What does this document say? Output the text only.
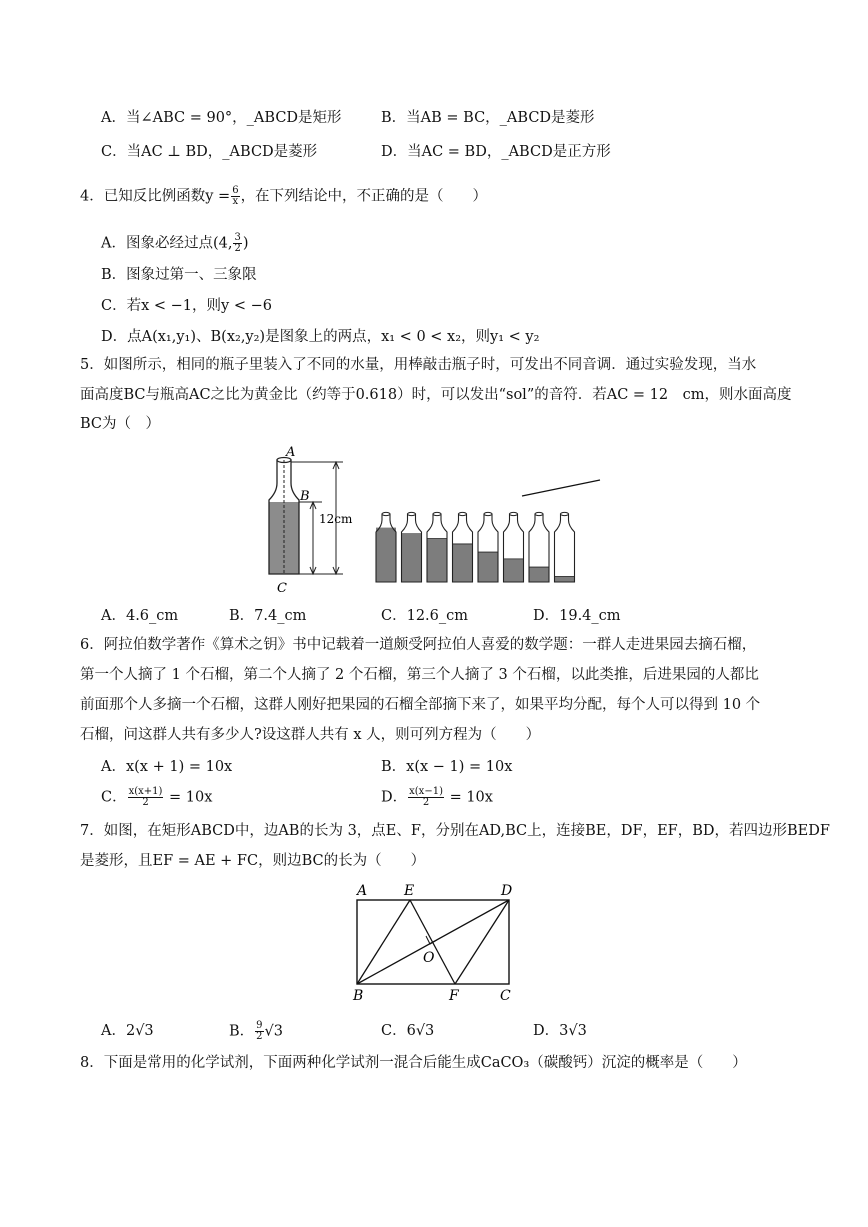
A．当∠ABC = 90°，_ABCD是矩形	B．当AB = BC，_ABCD是菱形
C．当AC ⊥ BD，_ABCD是菱形	D．当AC = BD，_ABCD是正方形
4．已知反比例函数$y = \frac{6}{x}$ ，在下列结论中，不正确的是（　　）
A．图象必经过点(4, $\frac{3}{2}$ )
B．图象过第一、三象限
C．若x < −1，则y < −6
D．点A(x₁,y₁)、B(x₂,y₂)是图象上的两点，x₁ < 0 < x₂，则y₁ < y₂
5．如图所示，相同的瓶子里装入了不同的水量，用棒敲击瓶子时，可发出不同音调．通过实验发现，当水
面高度BC与瓶高AC之比为黄金比（约等于0.618）时，可以发出“sol”的音符．若AC = 12　cm，则水面高度
BC为（　）
A
B
C
12cm
A．4.6_cm	B．7.4_cm	C．12.6_cm	D．19.4_cm
6．阿拉伯数学著作《算术之钥》书中记载着一道颇受阿拉伯人喜爱的数学题：一群人走进果园去摘石榴，
第一个人摘了 1 个石榴，第二个人摘了 2 个石榴，第三个人摘了 3 个石榴，以此类推，后进果园的人都比
前面那个人多摘一个石榴，这群人刚好把果园的石榴全部摘下来了，如果平均分配，每个人可以得到 10 个
石榴，问这群人共有多少人?设这群人共有 x 人，则可列方程为（　　）
A．x(x + 1) = 10x	B．x(x − 1) = 10x
C． $\frac{x(x+1)}{2} = 10x$	D． $\frac{x(x-1)}{2} = 10x$
7．如图，在矩形ABCD中，边AB的长为 3，点E、F，分别在AD,BC上，连接BE，DF，EF，BD，若四边形BEDF
是菱形，且EF = AE + FC，则边BC的长为（　　）
A	E	D
O
B	F	C
A．2√3	B． $\frac{9}{2} √3$	C．6√3	D．3√3
8．下面是常用的化学试剂，下面两种化学试剂一混合后能生成CaCO₃（碳酸钙）沉淀的概率是（　　）
